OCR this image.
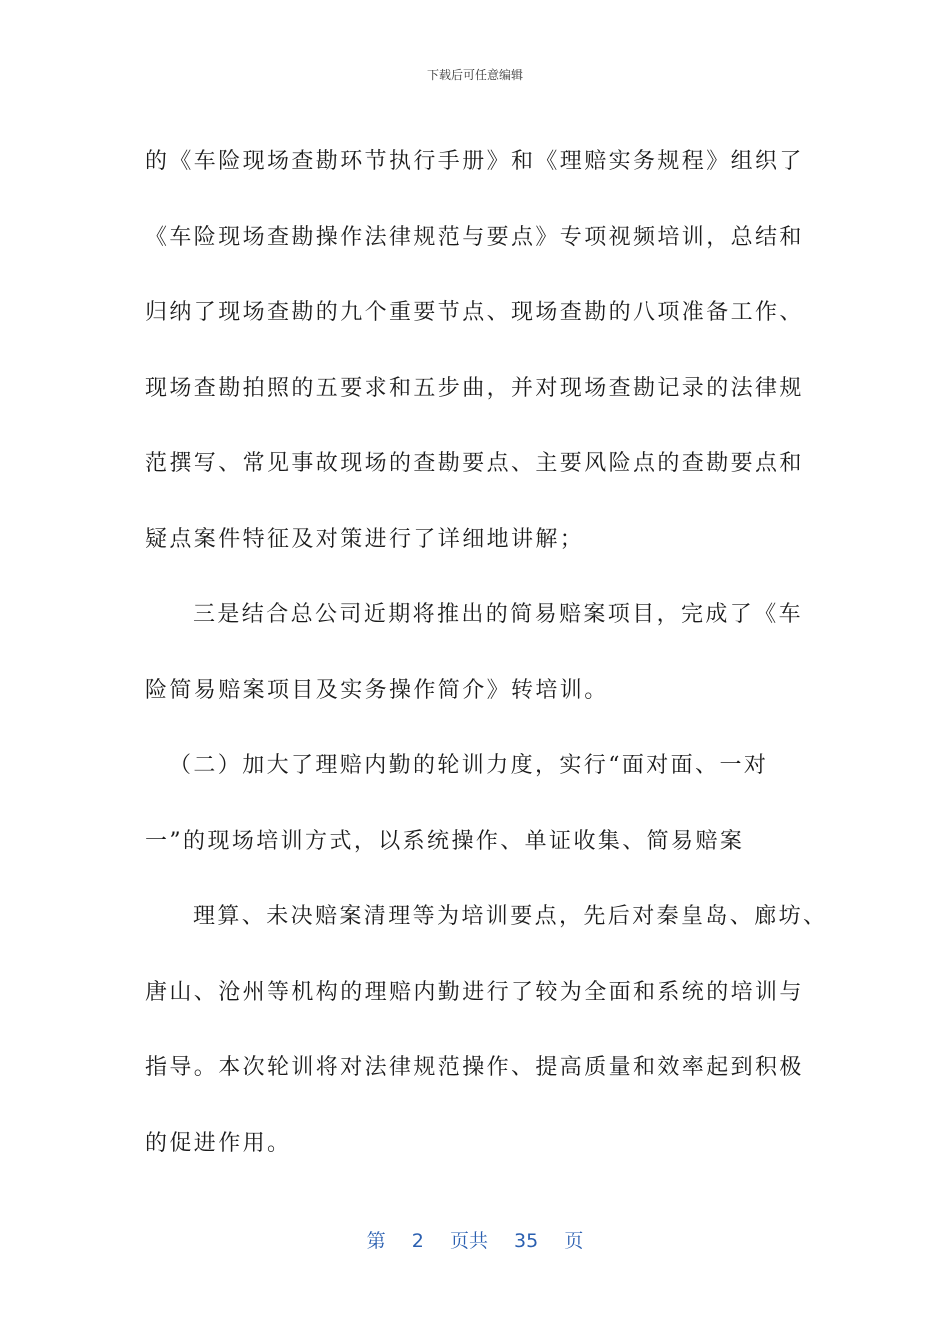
下载后可任意编辑
的《车险现场查勘环节执行手册》和《理赔实务规程》组织了
《车险现场查勘操作法律规范与要点》专项视频培训，总结和
归纳了现场查勘的九个重要节点、现场查勘的八项准备工作、
现场查勘拍照的五要求和五步曲，并对现场查勘记录的法律规
范撰写、常见事故现场的查勘要点、主要风险点的查勘要点和
疑点案件特征及对策进行了详细地讲解；
三是结合总公司近期将推出的简易赔案项目，完成了《车
险简易赔案项目及实务操作简介》转培训。
（二）加大了理赔内勤的轮训力度，实行“面对面、一对
一”的现场培训方式，以系统操作、单证收集、简易赔案
理算、未决赔案清理等为培训要点，先后对秦皇岛、廊坊、
唐山、沧州等机构的理赔内勤进行了较为全面和系统的培训与
指导。本次轮训将对法律规范操作、提高质量和效率起到积极
的促进作用。
第 2 页共 35 页
